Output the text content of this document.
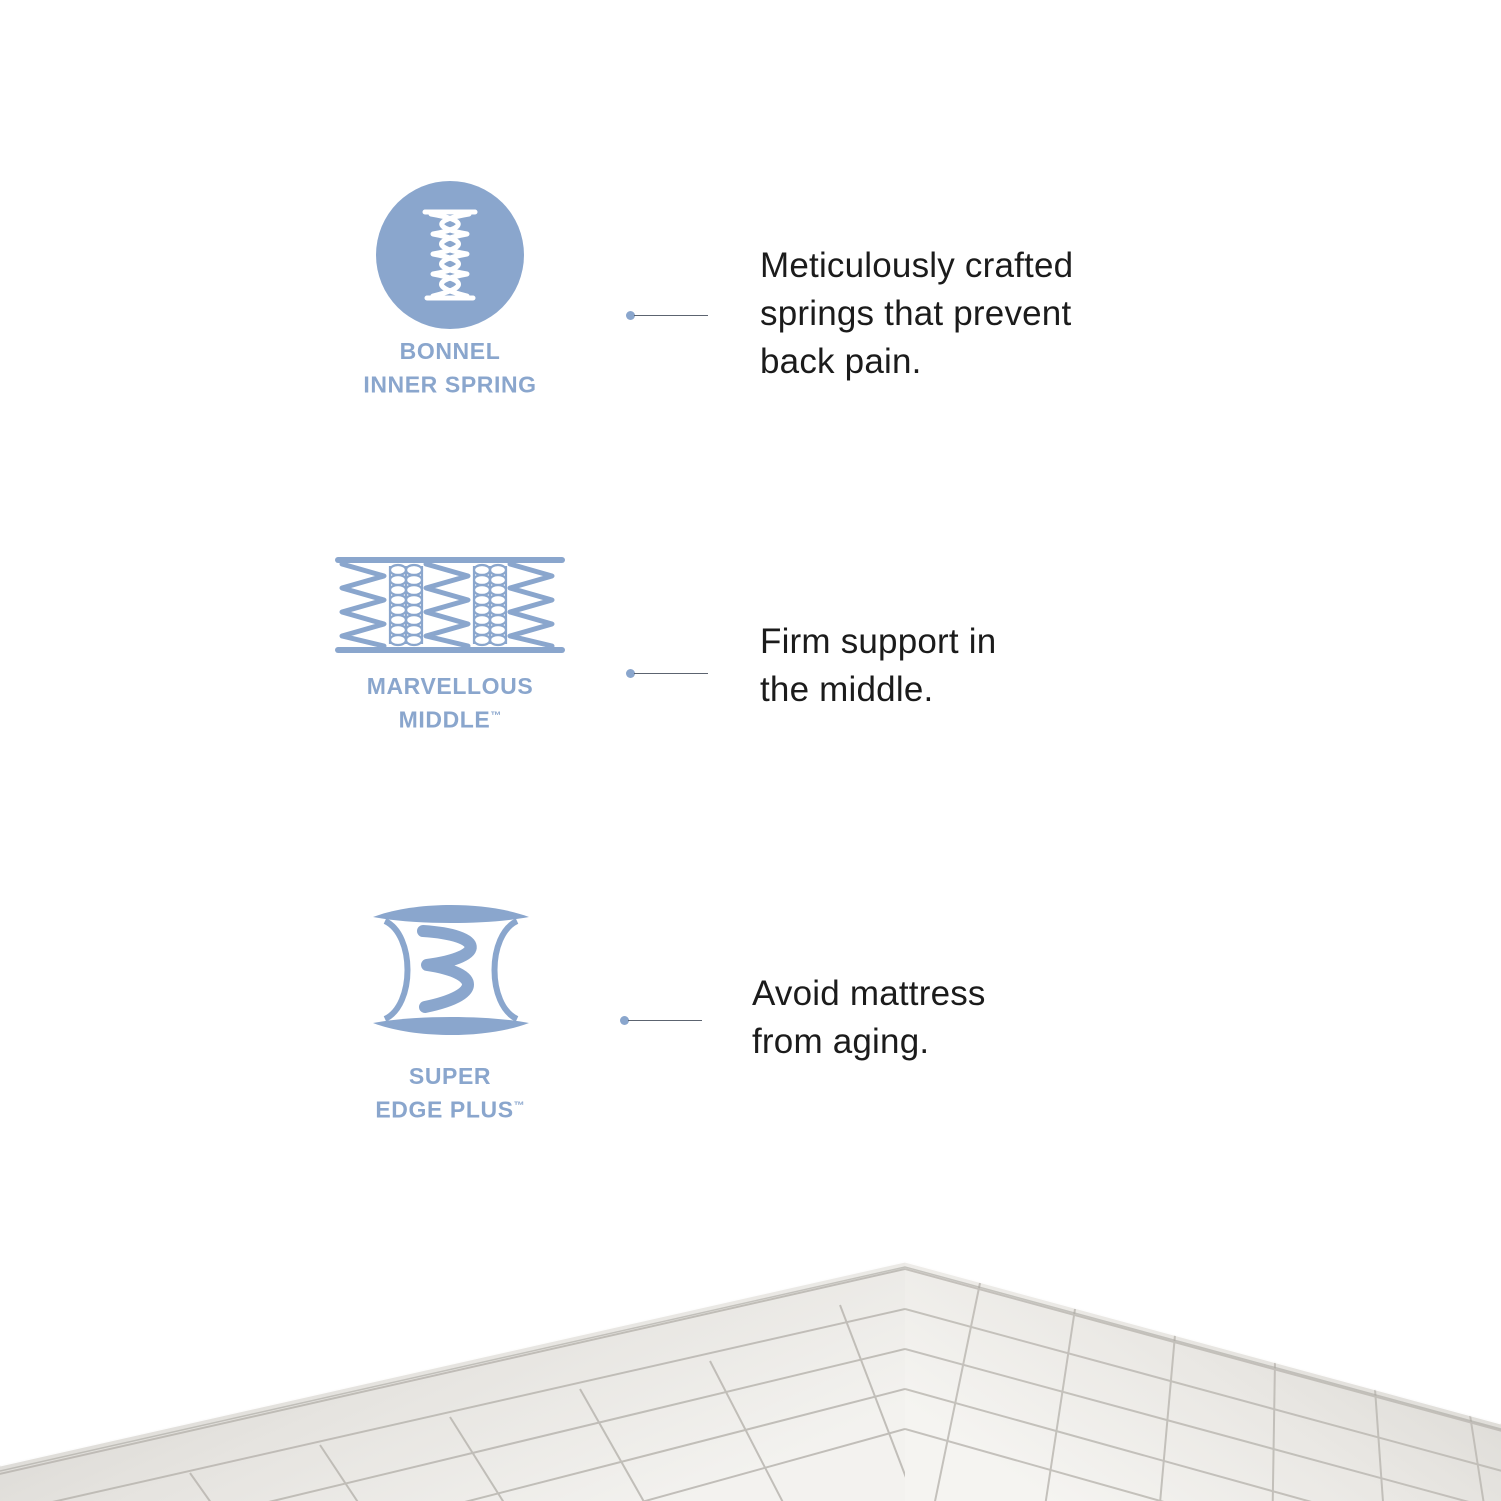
BONNEL
INNER SPRING
Meticulously crafted
springs that prevent
back pain.
MARVELLOUS
MIDDLE™
Firm support in
the middle.
SUPER
EDGE PLUS™
Avoid mattress
from aging.
